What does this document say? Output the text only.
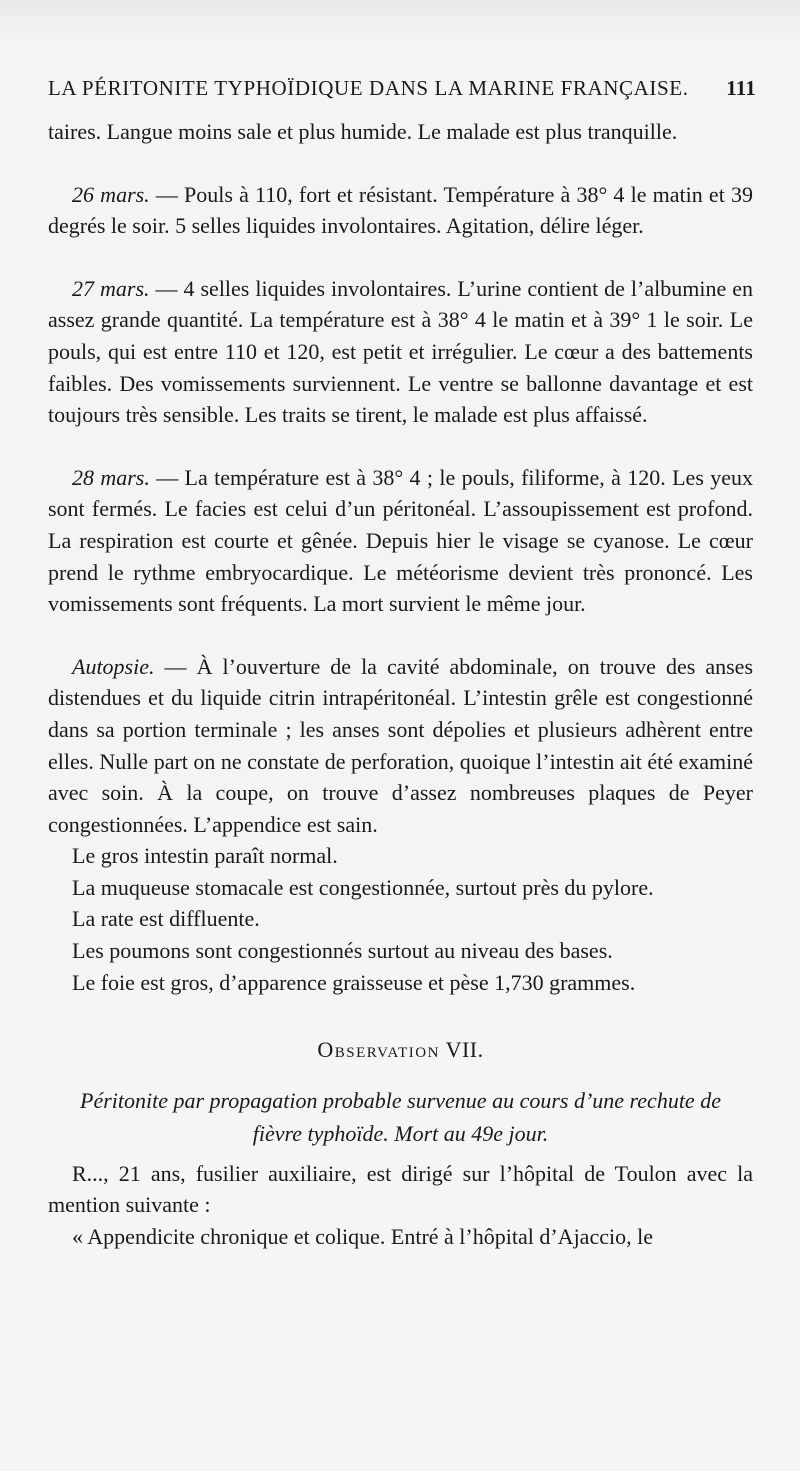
LA PÉRITONITE TYPHOÏDIQUE DANS LA MARINE FRANÇAISE. 111

taires. Langue moins sale et plus humide. Le malade est plus tranquille.

26 mars. — Pouls à 110, fort et résistant. Température à 38° 4 le matin et 39 degrés le soir. 5 selles liquides involontaires. Agitation, délire léger.

27 mars. — 4 selles liquides involontaires. L’urine contient de l’albumine en assez grande quantité. La température est à 38° 4 le matin et à 39° 1 le soir. Le pouls, qui est entre 110 et 120, est petit et irrégulier. Le cœur a des battements faibles. Des vomissements surviennent. Le ventre se ballonne davantage et est toujours très sensible. Les traits se tirent, le malade est plus affaissé.

28 mars. — La température est à 38° 4 ; le pouls, filiforme, à 120. Les yeux sont fermés. Le facies est celui d’un péritonéal. L’assoupissement est profond. La respiration est courte et gênée. Depuis hier le visage se cyanose. Le cœur prend le rythme embryocardique. Le météorisme devient très prononcé. Les vomissements sont fréquents. La mort survient le même jour.

Autopsie. — À l’ouverture de la cavité abdominale, on trouve des anses distendues et du liquide citrin intrapéritonéal. L’intestin grêle est congestionné dans sa portion terminale ; les anses sont dépolies et plusieurs adhèrent entre elles. Nulle part on ne constate de perforation, quoique l’intestin ait été examiné avec soin. À la coupe, on trouve d’assez nombreuses plaques de Peyer congestionnées. L’appendice est sain.

Le gros intestin paraît normal.

La muqueuse stomacale est congestionnée, surtout près du pylore.

La rate est diffluente.

Les poumons sont congestionnés surtout au niveau des bases.

Le foie est gros, d’apparence graisseuse et pèse 1,730 grammes.

Observation VII.

Péritonite par propagation probable survenue au cours d’une rechute de

fièvre typhoïde. Mort au 49e jour.

R..., 21 ans, fusilier auxiliaire, est dirigé sur l’hôpital de Toulon avec la mention suivante :

« Appendicite chronique et colique. Entré à l’hôpital d’Ajaccio, le
